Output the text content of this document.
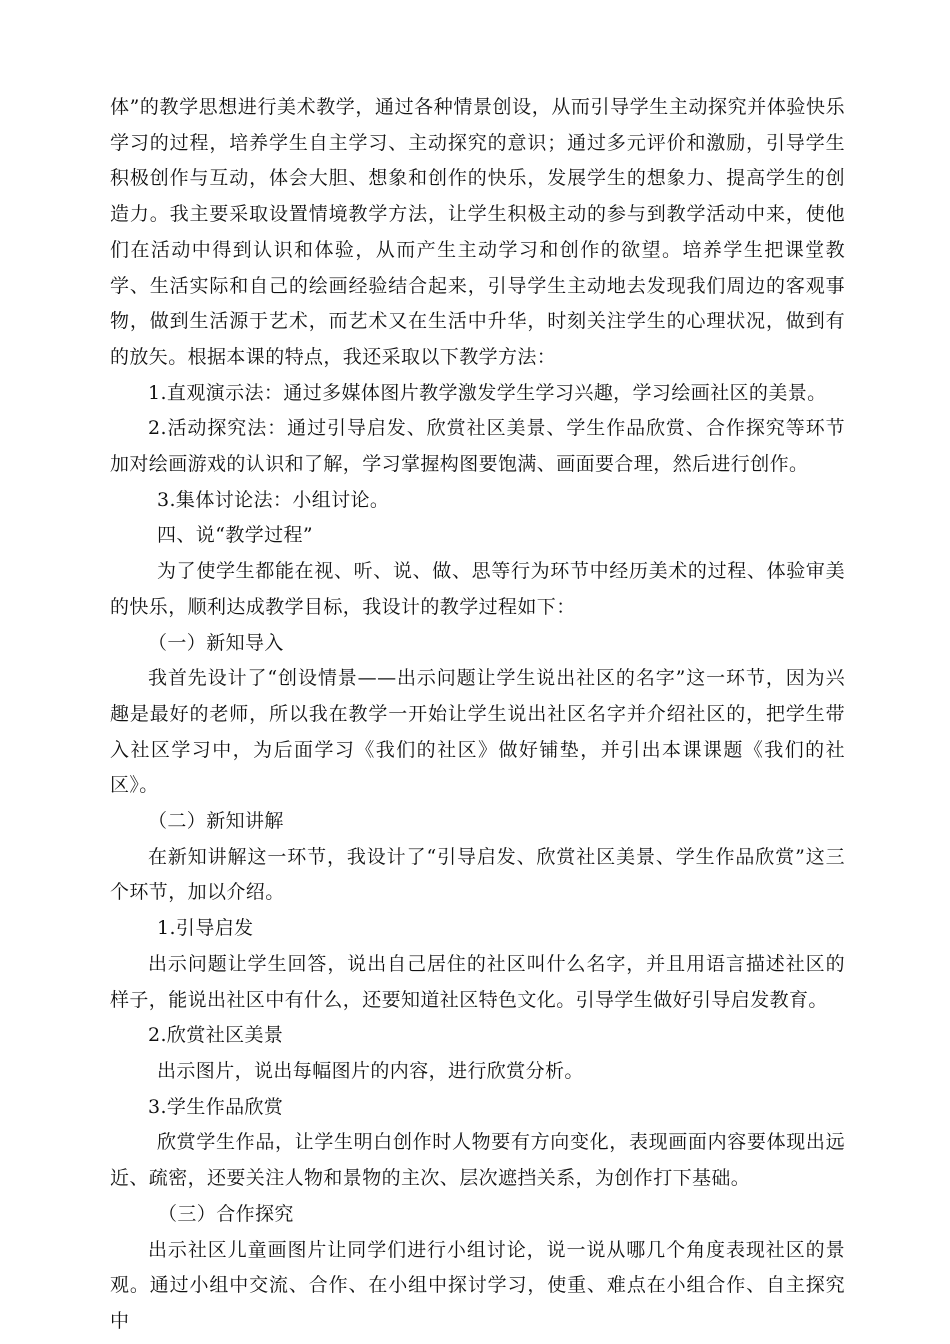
体”的教学思想进行美术教学，通过各种情景创设，从而引导学生主动探究并体验快乐学习的过程，培养学生自主学习、主动探究的意识；通过多元评价和激励，引导学生积极创作与互动，体会大胆、想象和创作的快乐，发展学生的想象力、提高学生的创造力。我主要采取设置情境教学方法，让学生积极主动的参与到教学活动中来，使他们在活动中得到认识和体验，从而产生主动学习和创作的欲望。培养学生把课堂教学、生活实际和自己的绘画经验结合起来，引导学生主动地去发现我们周边的客观事物，做到生活源于艺术，而艺术又在生活中升华，时刻关注学生的心理状况，做到有的放矢。根据本课的特点，我还采取以下教学方法：

1.直观演示法：通过多媒体图片教学激发学生学习兴趣，学习绘画社区的美景。

2.活动探究法：通过引导启发、欣赏社区美景、学生作品欣赏、合作探究等环节加对绘画游戏的认识和了解，学习掌握构图要饱满、画面要合理，然后进行创作。

3.集体讨论法：小组讨论。

四、说“教学过程”

为了使学生都能在视、听、说、做、思等行为环节中经历美术的过程、体验审美的快乐，顺利达成教学目标，我设计的教学过程如下：

（一）新知导入

我首先设计了“创设情景——出示问题让学生说出社区的名字”这一环节，因为兴趣是最好的老师，所以我在教学一开始让学生说出社区名字并介绍社区的，把学生带入社区学习中，为后面学习《我们的社区》做好铺垫，并引出本课课题《我们的社区》。

（二）新知讲解

在新知讲解这一环节，我设计了“引导启发、欣赏社区美景、学生作品欣赏”这三个环节，加以介绍。

1.引导启发

出示问题让学生回答，说出自己居住的社区叫什么名字，并且用语言描述社区的样子，能说出社区中有什么，还要知道社区特色文化。引导学生做好引导启发教育。

2.欣赏社区美景

出示图片，说出每幅图片的内容，进行欣赏分析。

3.学生作品欣赏

欣赏学生作品，让学生明白创作时人物要有方向变化，表现画面内容要体现出远近、疏密，还要关注人物和景物的主次、层次遮挡关系，为创作打下基础。

（三）合作探究

出示社区儿童画图片让同学们进行小组讨论，说一说从哪几个角度表现社区的景观。通过小组中交流、合作、在小组中探讨学习，使重、难点在小组合作、自主探究中
